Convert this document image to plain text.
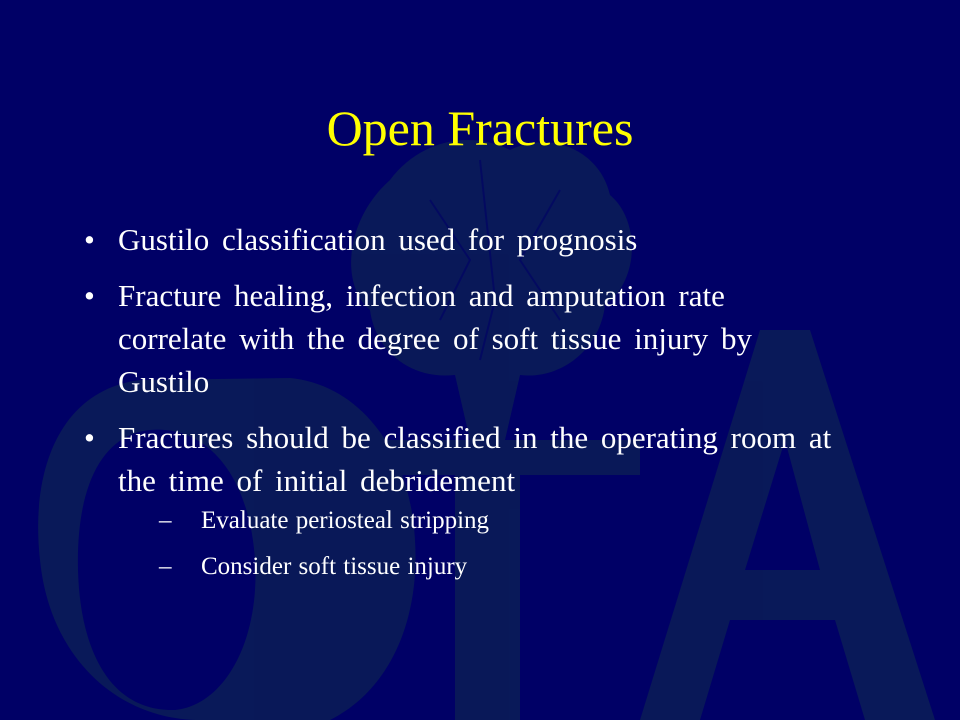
Open Fractures
• Gustilo classification used for prognosis
• Fracture healing, infection and amputation rate correlate with the degree of soft tissue injury by Gustilo
• Fractures should be classified in the operating room at the time of initial debridement
– Evaluate periosteal stripping
– Consider soft tissue injury
